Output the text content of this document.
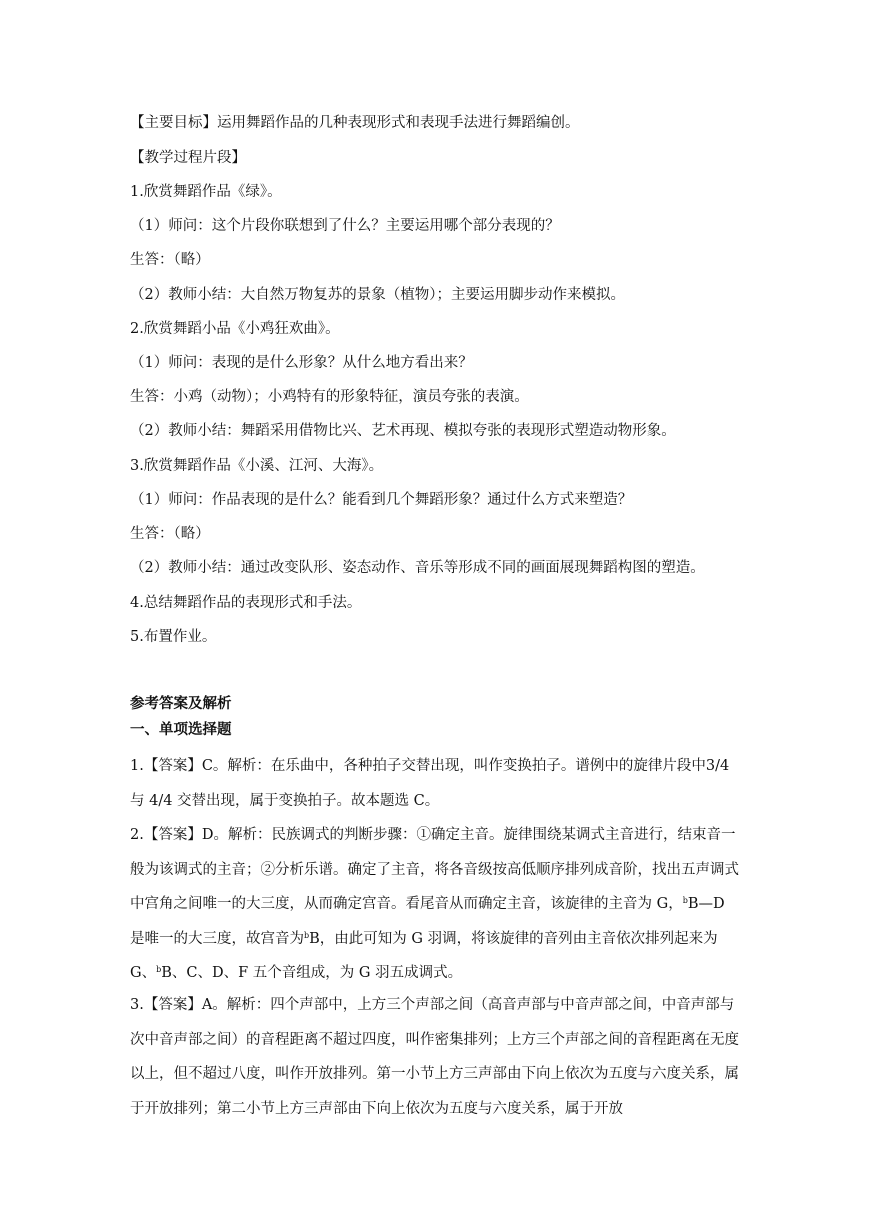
【主要目标】运用舞蹈作品的几种表现形式和表现手法进行舞蹈编创。
【教学过程片段】
1.欣赏舞蹈作品《绿》。
（1）师问：这个片段你联想到了什么？主要运用哪个部分表现的？
生答：（略）
（2）教师小结：大自然万物复苏的景象（植物）；主要运用脚步动作来模拟。
2.欣赏舞蹈小品《小鸡狂欢曲》。
（1）师问：表现的是什么形象？从什么地方看出来？
生答：小鸡（动物）；小鸡特有的形象特征，演员夸张的表演。
（2）教师小结：舞蹈采用借物比兴、艺术再现、模拟夸张的表现形式塑造动物形象。
3.欣赏舞蹈作品《小溪、江河、大海》。
（1）师问：作品表现的是什么？能看到几个舞蹈形象？通过什么方式来塑造？
生答：（略）
（2）教师小结：通过改变队形、姿态动作、音乐等形成不同的画面展现舞蹈构图的塑造。
4.总结舞蹈作品的表现形式和手法。
5.布置作业。
参考答案及解析
一、单项选择题
1.【答案】C。解析：在乐曲中，各种拍子交替出现，叫作变换拍子。谱例中的旋律片段中3/4 与 4/4 交替出现，属于变换拍子。故本题选 C。
2.【答案】D。解析：民族调式的判断步骤：①确定主音。旋律围绕某调式主音进行，结束音一般为该调式的主音；②分析乐谱。确定了主音，将各音级按高低顺序排列成音阶，找出五声调式中宫角之间唯一的大三度，从而确定宫音。看尾音从而确定主音，该旋律的主音为 G，$^b$B—D 是唯一的大三度，故宫音为$^b$B，由此可知为 G 羽调，将该旋律的音列由主音依次排列起来为 G、$^b$B、C、D、F 五个音组成，为 G 羽五成调式。
3.【答案】A。解析：四个声部中，上方三个声部之间（高音声部与中音声部之间，中音声部与次中音声部之间）的音程距离不超过四度，叫作密集排列；上方三个声部之间的音程距离在无度以上，但不超过八度，叫作开放排列。第一小节上方三声部由下向上依次为五度与六度关系，属于开放排列；第二小节上方三声部由下向上依次为五度与六度关系，属于开放
